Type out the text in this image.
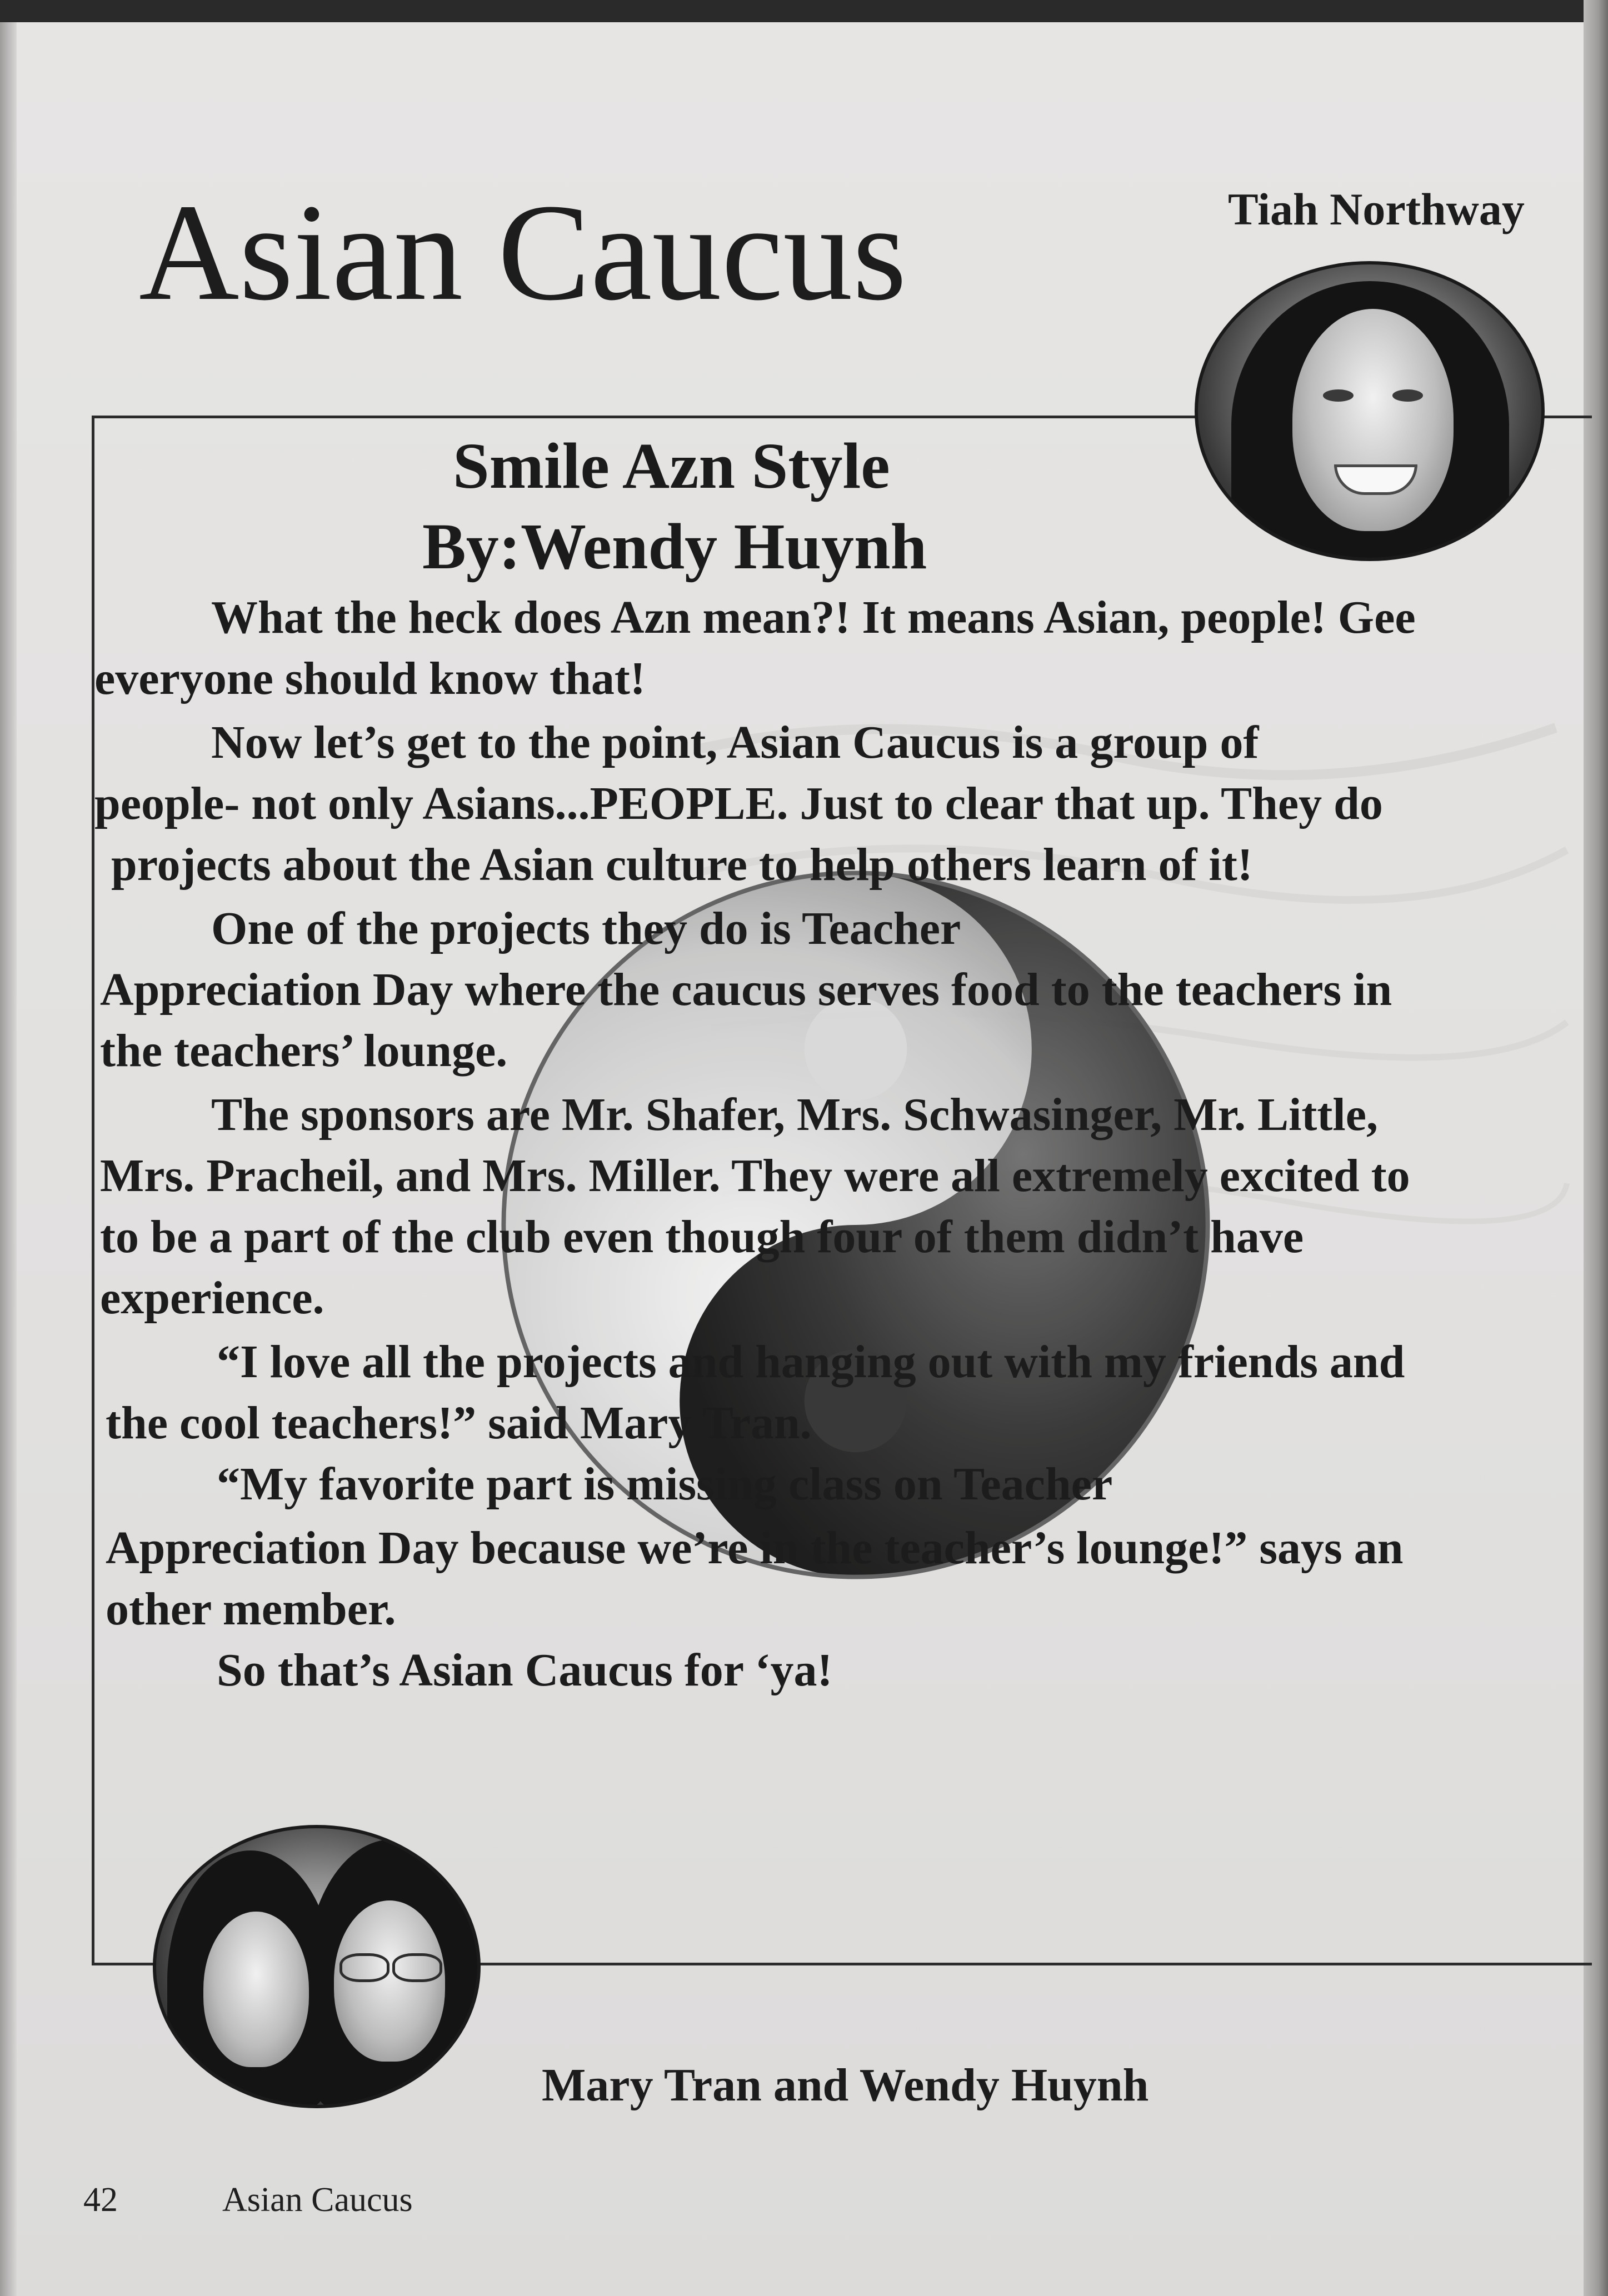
Asian Caucus	Tiah Northway
Smile Azn Style
By:Wendy Huynh
What the heck does Azn mean?! It means Asian, people! Gee
everyone should know that!
Now let’s get to the point, Asian Caucus is a group of
people- not only Asians...PEOPLE. Just to clear that up. They do
projects about the Asian culture to help others learn of it!
One of the projects they do is Teacher
Appreciation Day where the caucus serves food to the teachers in
the teachers’ lounge.
The sponsors are Mr. Shafer, Mrs. Schwasinger, Mr. Little,
Mrs. Pracheil, and Mrs. Miller. They were all extremely excited to
to be a part of the club even though four of them didn’t have
experience.
“I love all the projects and hanging out with my friends and
the cool teachers!” said Mary Tran.
“My favorite part is missing class on Teacher
Appreciation Day because we’re in the teacher’s lounge!” says an
other member.
So that’s Asian Caucus for ‘ya!
Mary Tran and Wendy Huynh
42	Asian Caucus
